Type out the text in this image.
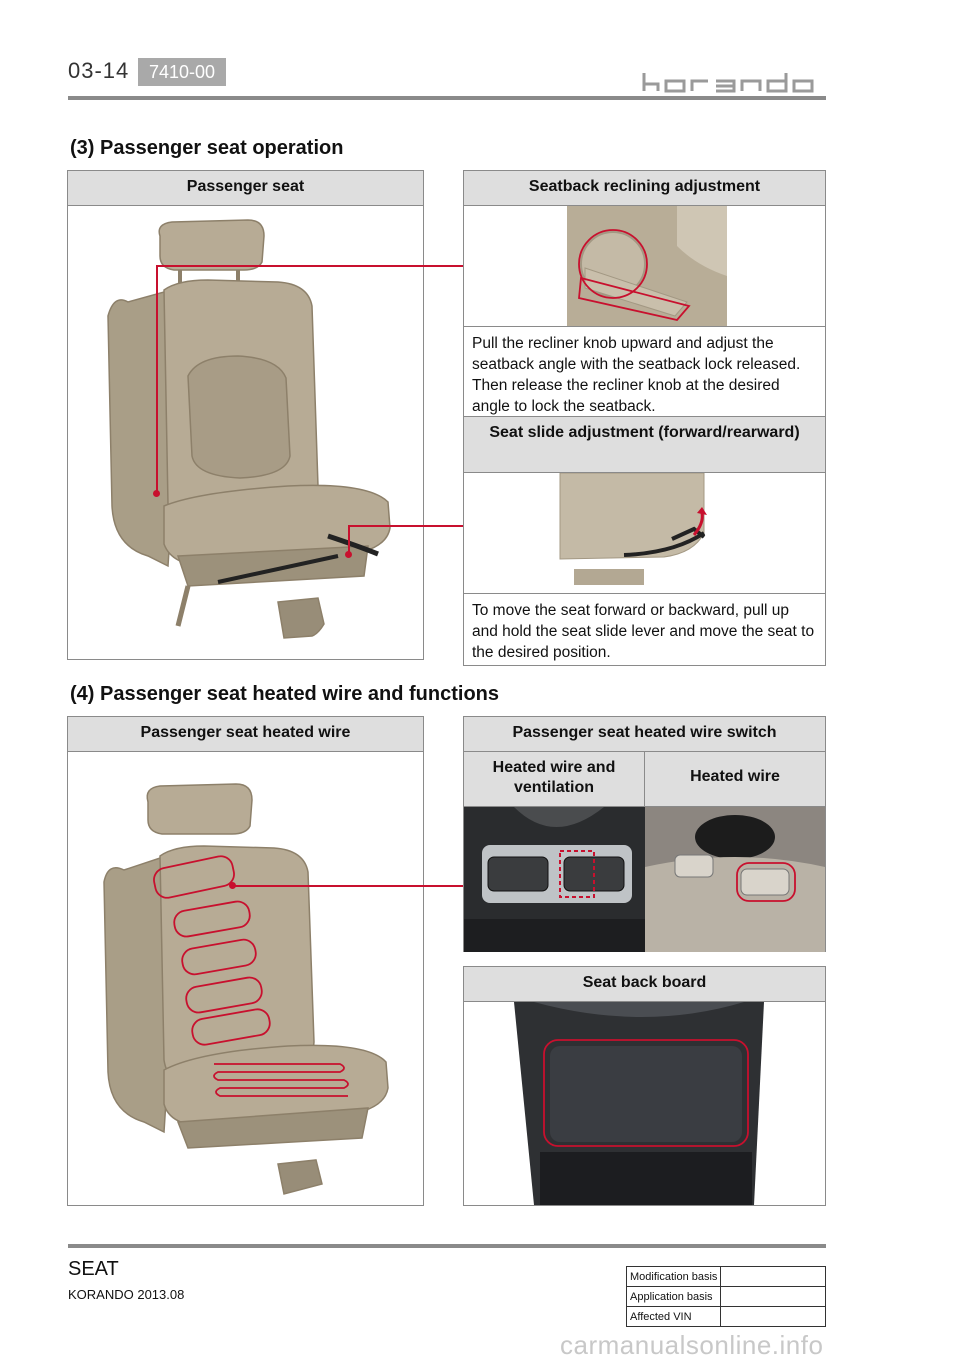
03-14	7410-00
(3) Passenger seat operation
Passenger seat	Seatback reclining adjustment
Pull the recliner knob upward and adjust the seatback angle with the seatback lock released. Then release the recliner knob at the desired angle to lock the seatback.
Seat slide adjustment (forward/rearward)
To move the seat forward or backward, pull up and hold the seat slide lever and move the seat to the desired position.
(4) Passenger seat heated wire and functions
Passenger seat heated wire	Passenger seat heated wire switch
Heated wire and ventilation
Heated wire
Seat back board
SEAT
KORANDO 2013.08
Modification basis	
Application basis	
Affected VIN	
carmanualsonline.info
